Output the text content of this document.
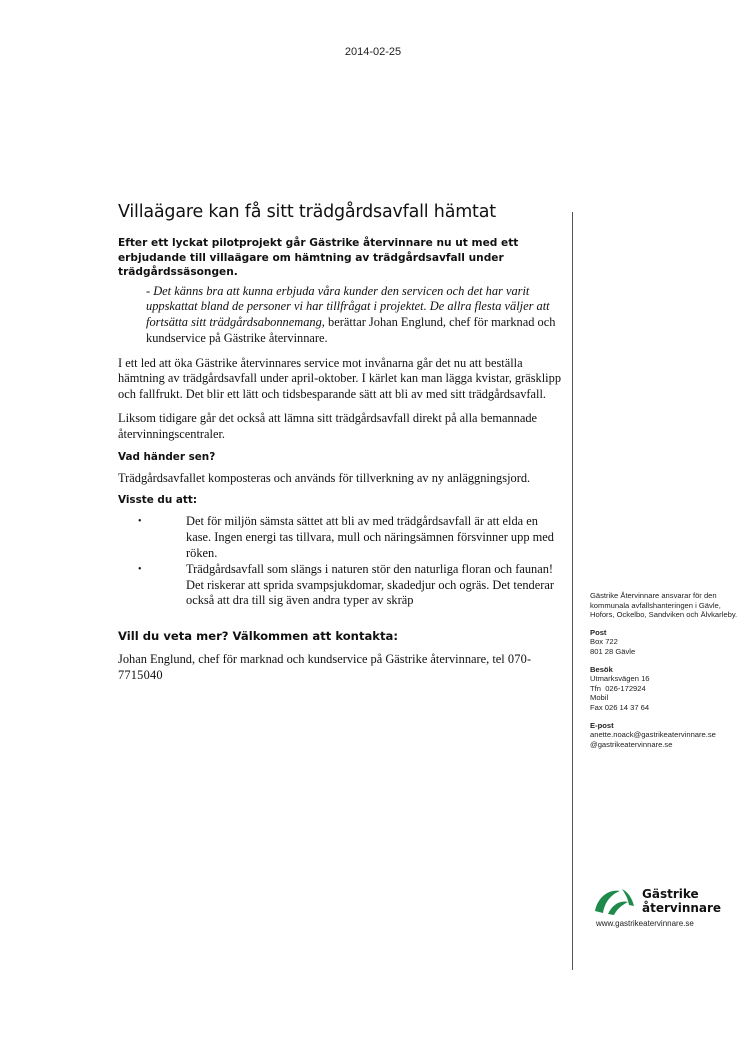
2014-02-25
Villaägare kan få sitt trädgårdsavfall hämtat

Efter ett lyckat pilotprojekt går Gästrike återvinnare nu ut med ett erbjudande till villaägare om hämtning av trädgårdsavfall under trädgårdssäsongen.

- Det känns bra att kunna erbjuda våra kunder den servicen och det har varit uppskattat bland de personer vi har tillfrågat i projektet. De allra flesta väljer att fortsätta sitt trädgårdsabonnemang, berättar Johan Englund, chef för marknad och kundservice på Gästrike återvinnare.

I ett led att öka Gästrike återvinnares service mot invånarna går det nu att beställa hämtning av trädgårdsavfall under april-oktober. I kärlet kan man lägga kvistar, gräsklipp och fallfrukt. Det blir ett lätt och tidsbesparande sätt att bli av med sitt trädgårdsavfall.

Liksom tidigare går det också att lämna sitt trädgårdsavfall direkt på alla bemannade återvinningscentraler.

Vad händer sen?

Trädgårdsavfallet komposteras och används för tillverkning av ny anläggningsjord.

Visste du att:
•	Det för miljön sämsta sättet att bli av med trädgårdsavfall är att elda en kase. Ingen energi tas tillvara, mull och näringsämnen försvinner upp med röken.
•	Trädgårdsavfall som slängs i naturen stör den naturliga floran och faunan! Det riskerar att sprida svampsjukdomar, skadedjur och ogräs. Det tenderar också att dra till sig även andra typer av skräp
Vill du veta mer? Välkommen att kontakta:

Johan Englund, chef för marknad och kundservice på Gästrike återvinnare, tel 070-7715040

Gästrike Återvinnare ansvarar för den kommunala avfallshanteringen i Gävle, Hofors, Ockelbo, Sandviken och Älvkarleby.
Post
Box 722
801 28 Gävle
Besök
Utmarksvägen 16
Tfn  026-172924
Mobil
Fax 026 14 37 64
E-post
anette.noack@gastrikeatervinnare.se
@gastrikeatervinnare.se
Gästrike
återvinnare
www.gastrikeatervinnare.se
